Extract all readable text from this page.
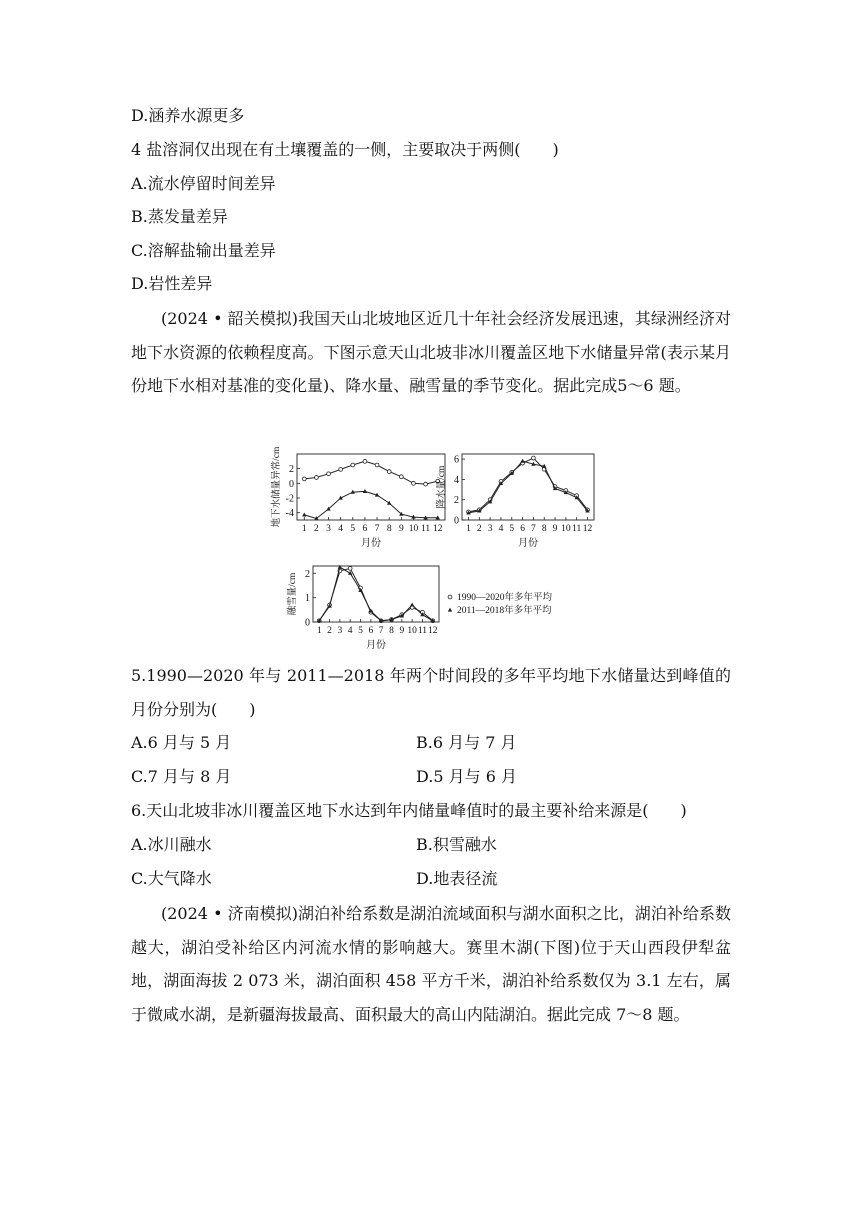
D.涵养水源更多
4 盐溶洞仅出现在有土壤覆盖的一侧，主要取决于两侧(　　)
A.流水停留时间差异
B.蒸发量差异
C.溶解盐输出量差异
D.岩性差异
(2024 • 韶关模拟)我国天山北坡地区近几十年社会经济发展迅速，其绿洲经济对地下水资源的依赖程度高。下图示意天山北坡非冰川覆盖区地下水储量异常(表示某月份地下水相对基准的变化量)、降水量、融雪量的季节变化。据此完成5～6 题。
2
0
-2
-4
1 2 3 4 5 6 7 8 9 10 11 12
月份
地下水储量异常/cm	6
4
2
0
1 2 3 4 5 6 7 8 9 10 11 12
月份
降水量/cm
2
1
0
1 2 3 4 5 6 7 8 9 10 11 12
月份
融雪量/cm	1990—2020年多年平均
2011—2018年多年平均
5.1990—2020 年与 2011—2018 年两个时间段的多年平均地下水储量达到峰值的月份分别为(　　)
A.6 月与 5 月	B.6 月与 7 月
C.7 月与 8 月	D.5 月与 6 月
6.天山北坡非冰川覆盖区地下水达到年内储量峰值时的最主要补给来源是(　　)
A.冰川融水	B.积雪融水
C.大气降水	D.地表径流
(2024 • 济南模拟)湖泊补给系数是湖泊流域面积与湖水面积之比，湖泊补给系数越大，湖泊受补给区内河流水情的影响越大。赛里木湖(下图)位于天山西段伊犁盆地，湖面海拔 2 073 米，湖泊面积 458 平方千米，湖泊补给系数仅为 3.1 左右，属于微咸水湖，是新疆海拔最高、面积最大的高山内陆湖泊。据此完成 7～8 题。
